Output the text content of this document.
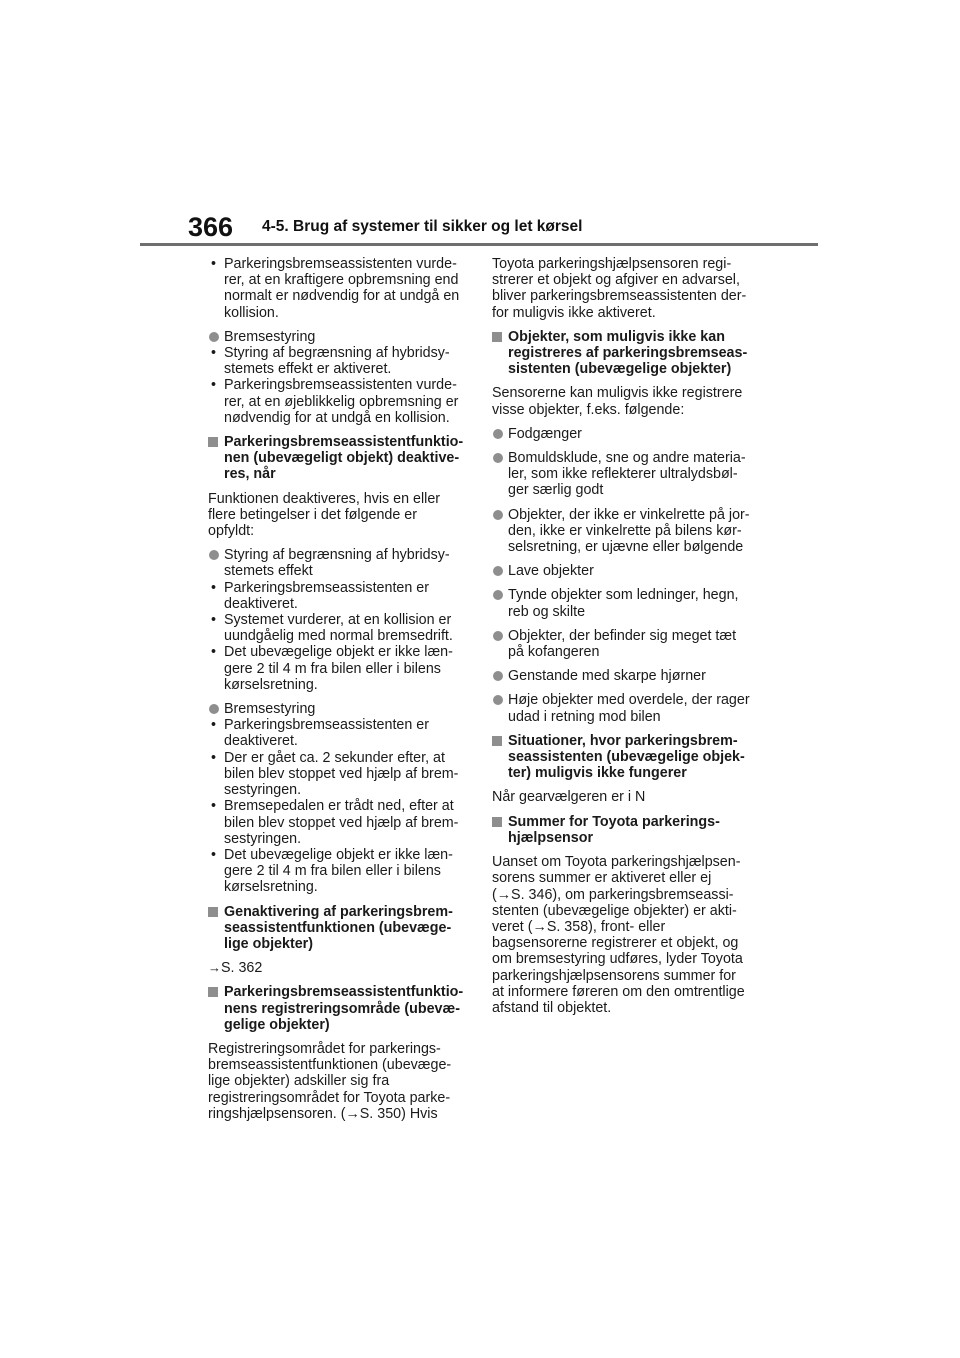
366 4-5. Brug af systemer til sikker og let kørsel
• Parkeringsbremseassistenten vurde-
rer, at en kraftigere opbremsning end
normalt er nødvendig for at undgå en
kollision.
Bremsestyring
• Styring af begrænsning af hybridsy-
stemets effekt er aktiveret.
• Parkeringsbremseassistenten vurde-
rer, at en øjeblikkelig opbremsning er
nødvendig for at undgå en kollision.
Parkeringsbremseassistentfunktio-
nen (ubevægeligt objekt) deaktive-
res, når
Funktionen deaktiveres, hvis en eller
flere betingelser i det følgende er
opfyldt:
Styring af begrænsning af hybridsy-
stemets effekt
• Parkeringsbremseassistenten er
deaktiveret.
• Systemet vurderer, at en kollision er
uundgåelig med normal bremsedrift.
• Det ubevægelige objekt er ikke læn-
gere 2 til 4 m fra bilen eller i bilens
kørselsretning.
Bremsestyring
• Parkeringsbremseassistenten er
deaktiveret.
• Der er gået ca. 2 sekunder efter, at
bilen blev stoppet ved hjælp af brem-
sestyringen.
• Bremsepedalen er trådt ned, efter at
bilen blev stoppet ved hjælp af brem-
sestyringen.
• Det ubevægelige objekt er ikke læn-
gere 2 til 4 m fra bilen eller i bilens
kørselsretning.
Genaktivering af parkeringsbrem-
seassistentfunktionen (ubevæge-
lige objekter)
→S. 362
Parkeringsbremseassistentfunktio-
nens registreringsområde (ubevæ-
gelige objekter)
Registreringsområdet for parkerings-
bremseassistentfunktionen (ubevæge-
lige objekter) adskiller sig fra
registreringsområdet for Toyota parke-
ringshjælpsensoren. (→S. 350) Hvis
Toyota parkeringshjælpsensoren regi-
strerer et objekt og afgiver en advarsel,
bliver parkeringsbremseassistenten der-
for muligvis ikke aktiveret.
Objekter, som muligvis ikke kan
registreres af parkeringsbremseas-
sistenten (ubevægelige objekter)
Sensorerne kan muligvis ikke registrere
visse objekter, f.eks. følgende:
Fodgænger
Bomuldsklude, sne og andre materia-
ler, som ikke reflekterer ultralydsbøl-
ger særlig godt
Objekter, der ikke er vinkelrette på jor-
den, ikke er vinkelrette på bilens kør-
selsretning, er ujævne eller bølgende
Lave objekter
Tynde objekter som ledninger, hegn,
reb og skilte
Objekter, der befinder sig meget tæt
på kofangeren
Genstande med skarpe hjørner
Høje objekter med overdele, der rager
udad i retning mod bilen
Situationer, hvor parkeringsbrem-
seassistenten (ubevægelige objek-
ter) muligvis ikke fungerer
Når gearvælgeren er i N
Summer for Toyota parkerings-
hjælpsensor
Uanset om Toyota parkeringshjælpsen-
sorens summer er aktiveret eller ej
(→S. 346), om parkeringsbremseassi-
stenten (ubevægelige objekter) er akti-
veret (→S. 358), front- eller
bagsensorerne registrerer et objekt, og
om bremsestyring udføres, lyder Toyota
parkeringshjælpsensorens summer for
at informere føreren om den omtrentlige
afstand til objektet.
